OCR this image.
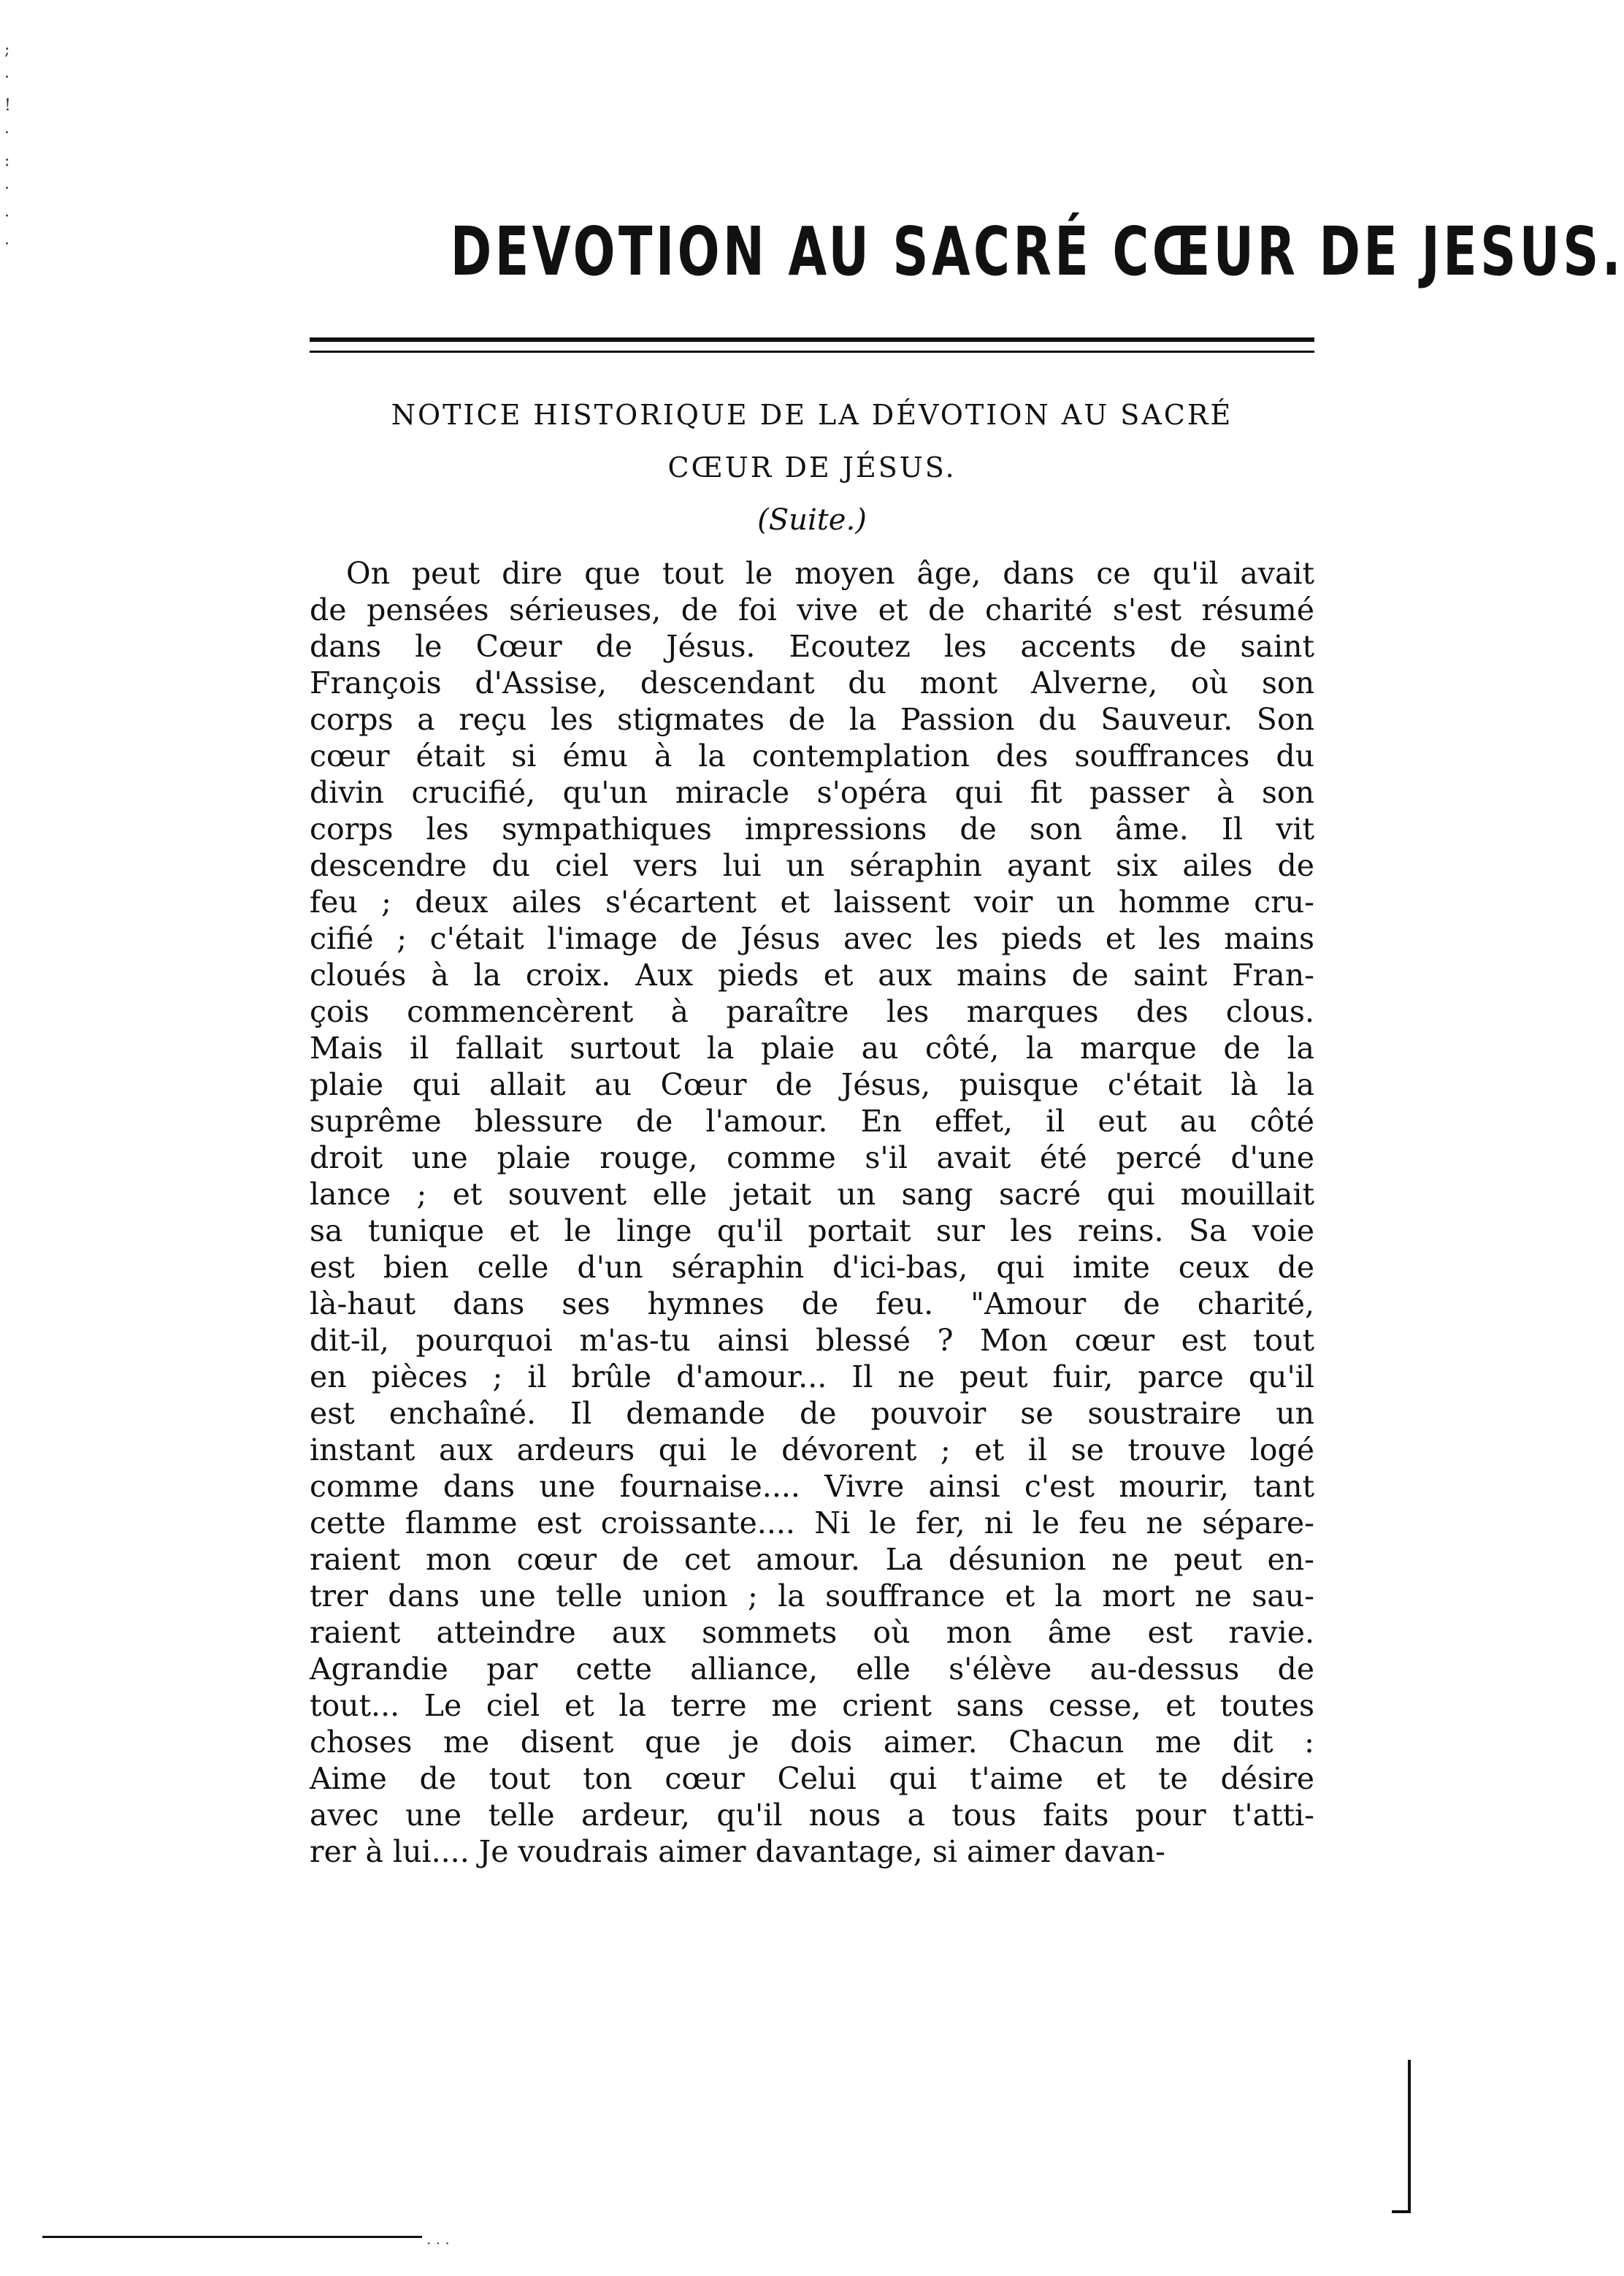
;
·
!
·
:
·
·
·	DEVOTION AU SACRÉ CŒUR DE JESUS.
NOTICE HISTORIQUE DE LA DÉVOTION AU SACRÉ
CŒUR DE JÉSUS.
(Suite.)
On peut dire que tout le moyen âge, dans ce qu'il avait
de pensées sérieuses, de foi vive et de charité s'est résumé
dans le Cœur de Jésus. Ecoutez les accents de saint
François d'Assise, descendant du mont Alverne, où son
corps a reçu les stigmates de la Passion du Sauveur. Son
cœur était si ému à la contemplation des souffrances du
divin crucifié, qu'un miracle s'opéra qui fit passer à son
corps les sympathiques impressions de son âme. Il vit
descendre du ciel vers lui un séraphin ayant six ailes de
feu ; deux ailes s'écartent et laissent voir un homme cru-
cifié ; c'était l'image de Jésus avec les pieds et les mains
cloués à la croix. Aux pieds et aux mains de saint Fran-
çois commencèrent à paraître les marques des clous.
Mais il fallait surtout la plaie au côté, la marque de la
plaie qui allait au Cœur de Jésus, puisque c'était là la
suprême blessure de l'amour. En effet, il eut au côté
droit une plaie rouge, comme s'il avait été percé d'une
lance ; et souvent elle jetait un sang sacré qui mouillait
sa tunique et le linge qu'il portait sur les reins. Sa voie
est bien celle d'un séraphin d'ici-bas, qui imite ceux de
là-haut dans ses hymnes de feu. "Amour de charité,
dit-il, pourquoi m'as-tu ainsi blessé ? Mon cœur est tout
en pièces ; il brûle d'amour... Il ne peut fuir, parce qu'il
est enchaîné. Il demande de pouvoir se soustraire un
instant aux ardeurs qui le dévorent ; et il se trouve logé
comme dans une fournaise.... Vivre ainsi c'est mourir, tant
cette flamme est croissante.... Ni le fer, ni le feu ne sépare-
raient mon cœur de cet amour. La désunion ne peut en-
trer dans une telle union ; la souffrance et la mort ne sau-
raient atteindre aux sommets où mon âme est ravie.
Agrandie par cette alliance, elle s'élève au-dessus de
tout... Le ciel et la terre me crient sans cesse, et toutes
choses me disent que je dois aimer. Chacun me dit :
Aime de tout ton cœur Celui qui t'aime et te désire
avec une telle ardeur, qu'il nous a tous faits pour t'atti-
rer à lui.... Je voudrais aimer davantage, si aimer davan-
· · ·
